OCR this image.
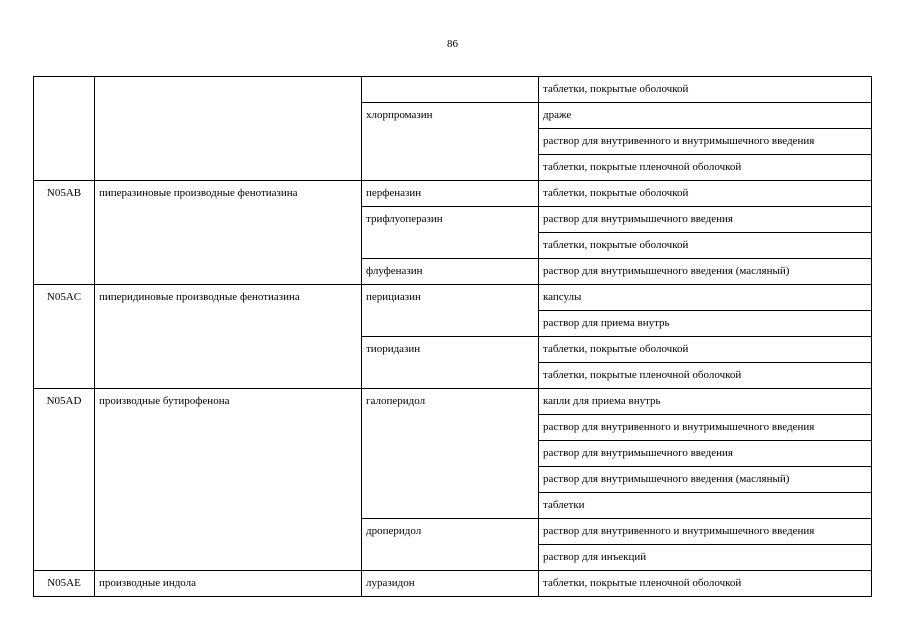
86
			таблетки, покрытые оболочкой
		хлорпромазин	драже
			раствор для внутривенного и внутримышечного введения
			таблетки, покрытые пленочной оболочкой
N05AB	пиперазиновые производные фенотиазина	перфеназин	таблетки, покрытые оболочкой
		трифлуоперазин	раствор для внутримышечного введения
			таблетки, покрытые оболочкой
		флуфеназин	раствор для внутримышечного введения (масляный)
N05AC	пиперидиновые производные фенотиазина	перициазин	капсулы
			раствор для приема внутрь
		тиоридазин	таблетки, покрытые оболочкой
			таблетки, покрытые пленочной оболочкой
N05AD	производные бутирофенона	галоперидол	капли для приема внутрь
			раствор для внутривенного и внутримышечного введения
			раствор для внутримышечного введения
			раствор для внутримышечного введения (масляный)
			таблетки
		дроперидол	раствор для внутривенного и внутримышечного введения
			раствор для инъекций
N05AE	производные индола	луразидон	таблетки, покрытые пленочной оболочкой
